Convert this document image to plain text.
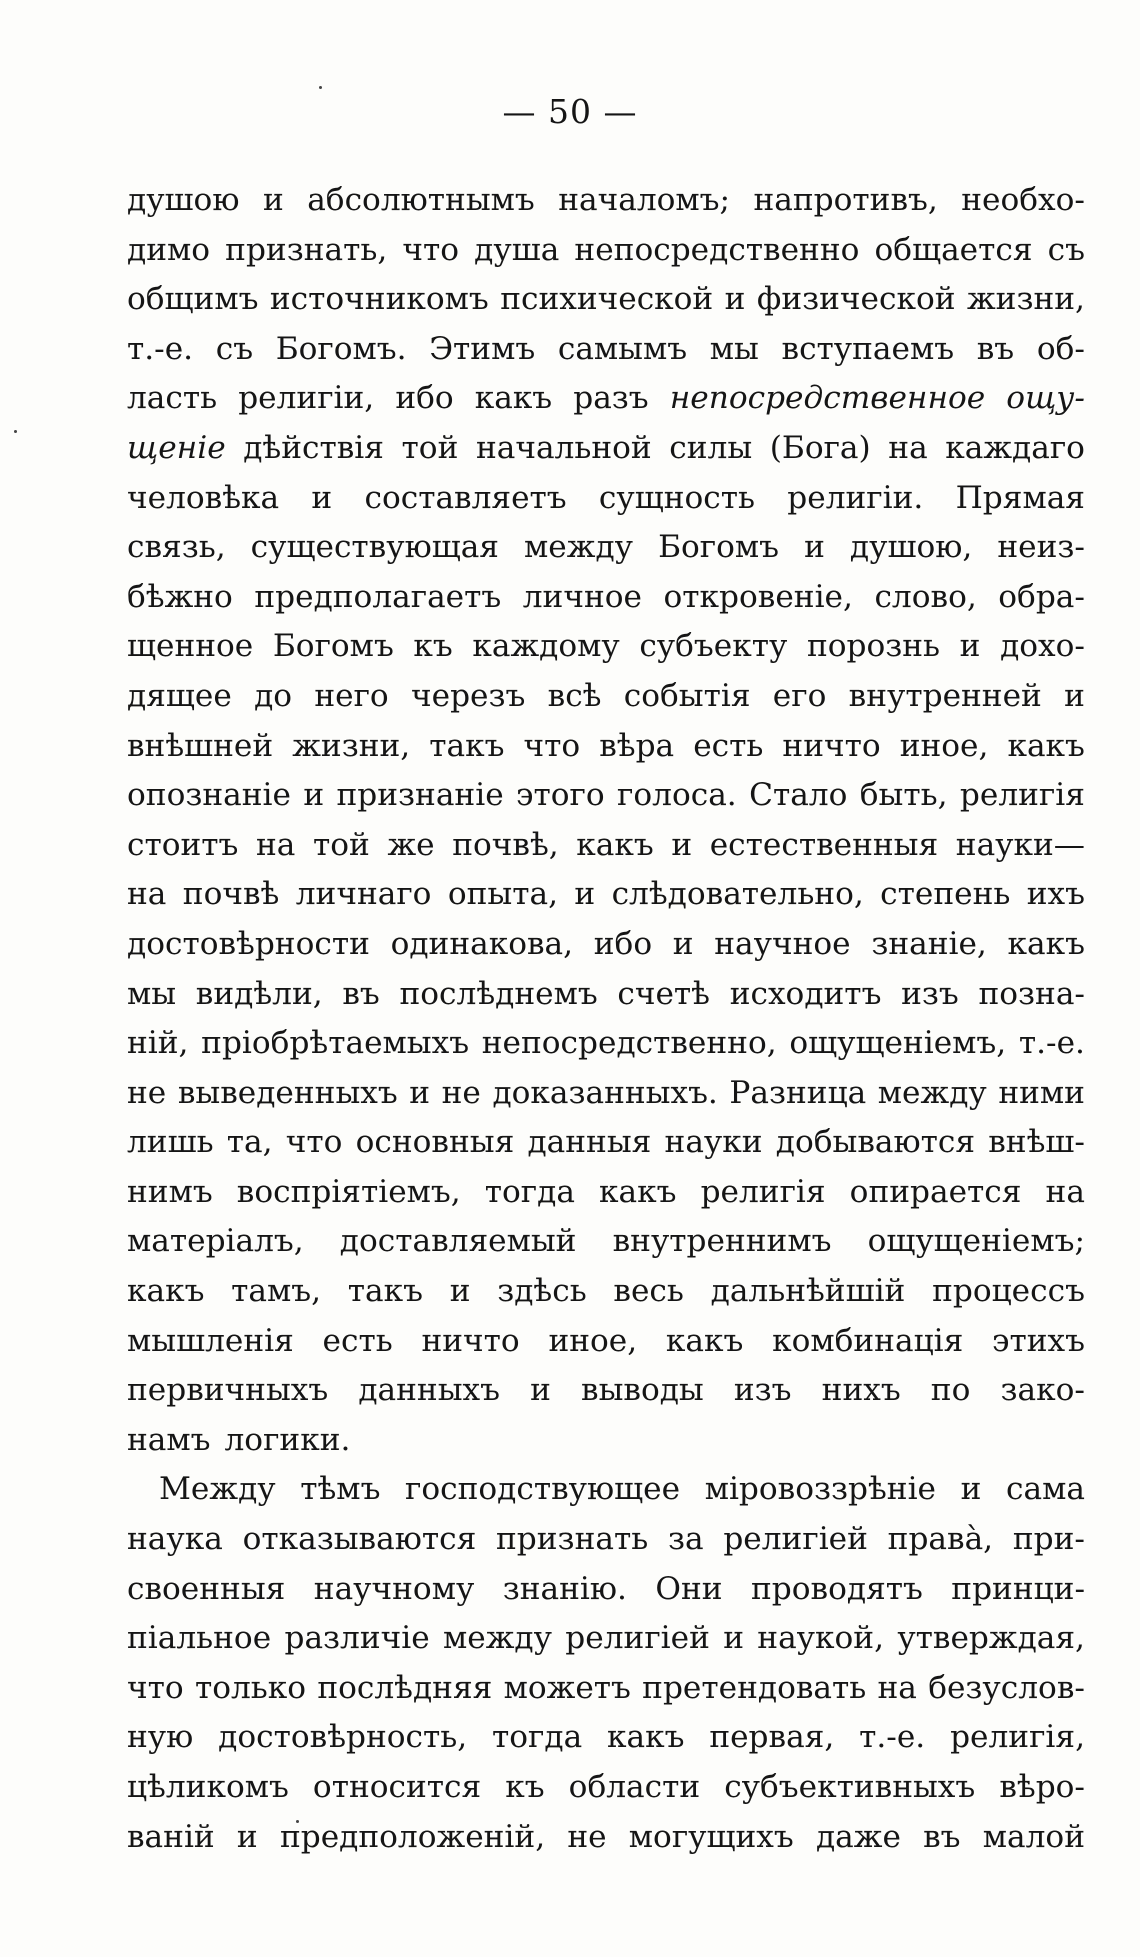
— 50 —
душою и абсолютнымъ началомъ; напротивъ, необхо-
димо признать, что душа непосредственно общается съ
общимъ источникомъ психической и физической жизни,
т.-е. съ Богомъ. Этимъ самымъ мы вступаемъ въ об-
ласть религіи, ибо какъ разъ непосредственное ощу-
щеніе дѣйствія той начальной силы (Бога) на каждаго
человѣка и составляетъ сущность религіи. Прямая
связь, существующая между Богомъ и душою, неиз-
бѣжно предполагаетъ личное откровеніе, слово, обра-
щенное Богомъ къ каждому субъекту порознь и дохо-
дящее до него черезъ всѣ событія его внутренней и
внѣшней жизни, такъ что вѣра есть ничто иное, какъ
опознаніе и признаніе этого голоса. Стало быть, религія
стоитъ на той же почвѣ, какъ и естественныя науки—
на почвѣ личнаго опыта, и слѣдовательно, степень ихъ
достовѣрности одинакова, ибо и научное знаніе, какъ
мы видѣли, въ послѣднемъ счетѣ исходитъ изъ позна-
ній, пріобрѣтаемыхъ непосредственно, ощущеніемъ, т.-е.
не выведенныхъ и не доказанныхъ. Разница между ними
лишь та, что основныя данныя науки добываются внѣш-
нимъ воспріятіемъ, тогда какъ религія опирается на
матеріалъ, доставляемый внутреннимъ ощущеніемъ;
какъ тамъ, такъ и здѣсь весь дальнѣйшій процессъ
мышленія есть ничто иное, какъ комбинація этихъ
первичныхъ данныхъ и выводы изъ нихъ по зако-
намъ логики.
Между тѣмъ господствующее міровоззрѣніе и сама
наука отказываются признать за религіей права̀, при-
своенныя научному знанію. Они проводятъ принци-
піальное различіе между религіей и наукой, утверждая,
что только послѣдняя можетъ претендовать на безуслов-
ную достовѣрность, тогда какъ первая, т.-е. религія,
цѣликомъ относится къ области субъективныхъ вѣро-
ваній и предположеній, не могущихъ даже въ малой
